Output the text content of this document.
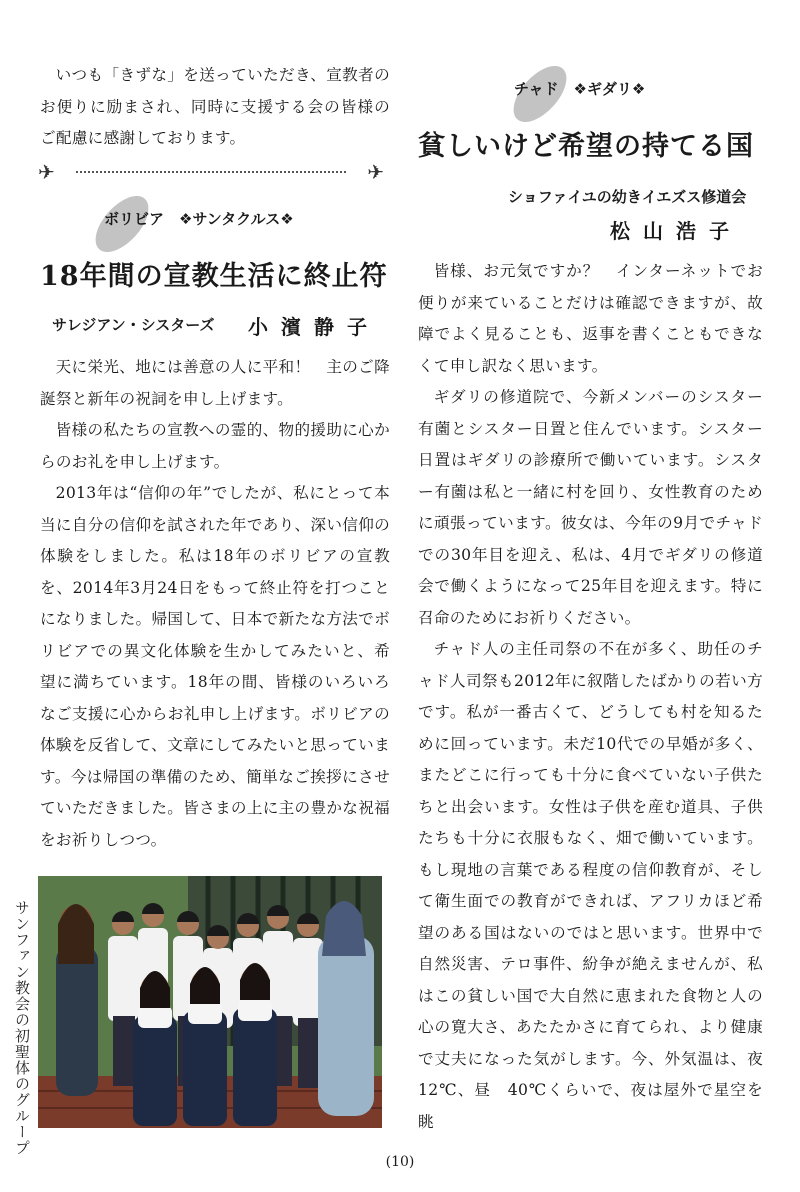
いつも「きずな」を送っていただき、宣教者のお便りに励まされ、同時に支援する会の皆様のご配慮に感謝しております。

✈	✈
ボリビア　❖サンタクルス❖
18年間の宣教生活に終止符
サレジアン・シスターズ 小濱静子

天に栄光、地には善意の人に平和！　主のご降誕祭と新年の祝詞を申し上げます。

皆様の私たちの宣教への霊的、物的援助に心からのお礼を申し上げます。

2013年は“信仰の年”でしたが、私にとって本当に自分の信仰を試された年であり、深い信仰の体験をしました。私は18年のボリビアの宣教を、2014年3月24日をもって終止符を打つことになりました。帰国して、日本で新たな方法でボリビアでの異文化体験を生かしてみたいと、希望に満ちています。18年の間、皆様のいろいろなご支援に心からお礼申し上げます。ボリビアの体験を反省して、文章にしてみたいと思っています。今は帰国の準備のため、簡単なご挨拶にさせていただきました。皆さまの上に主の豊かな祝福をお祈りしつつ。

サンファン教会の初聖体のグループ
チャド　❖ギダリ❖
貧しいけど希望の持てる国
ショファイユの幼きイエズス修道会
松山浩子

皆様、お元気ですか？　インターネットでお便りが来ていることだけは確認できますが、故障でよく見ることも、返事を書くこともできなくて申し訳なく思います。

ギダリの修道院で、今新メンバーのシスター有薗とシスター日置と住んでいます。シスター日置はギダリの診療所で働いています。シスター有薗は私と一緒に村を回り、女性教育のために頑張っています。彼女は、今年の9月でチャドでの30年目を迎え、私は、4月でギダリの修道会で働くようになって25年目を迎えます。特に召命のためにお祈りください。

チャド人の主任司祭の不在が多く、助任のチャド人司祭も2012年に叙階したばかりの若い方です。私が一番古くて、どうしても村を知るために回っています。未だ10代での早婚が多く、またどこに行っても十分に食べていない子供たちと出会います。女性は子供を産む道具、子供たちも十分に衣服もなく、畑で働いています。もし現地の言葉である程度の信仰教育が、そして衛生面での教育ができれば、アフリカほど希望のある国はないのではと思います。世界中で自然災害、テロ事件、紛争が絶えませんが、私はこの貧しい国で大自然に恵まれた食物と人の心の寛大さ、あたたかさに育てられ、より健康で丈夫になった気がします。今、外気温は、夜12℃、昼　40℃くらいで、夜は屋外で星空を眺

(10)
